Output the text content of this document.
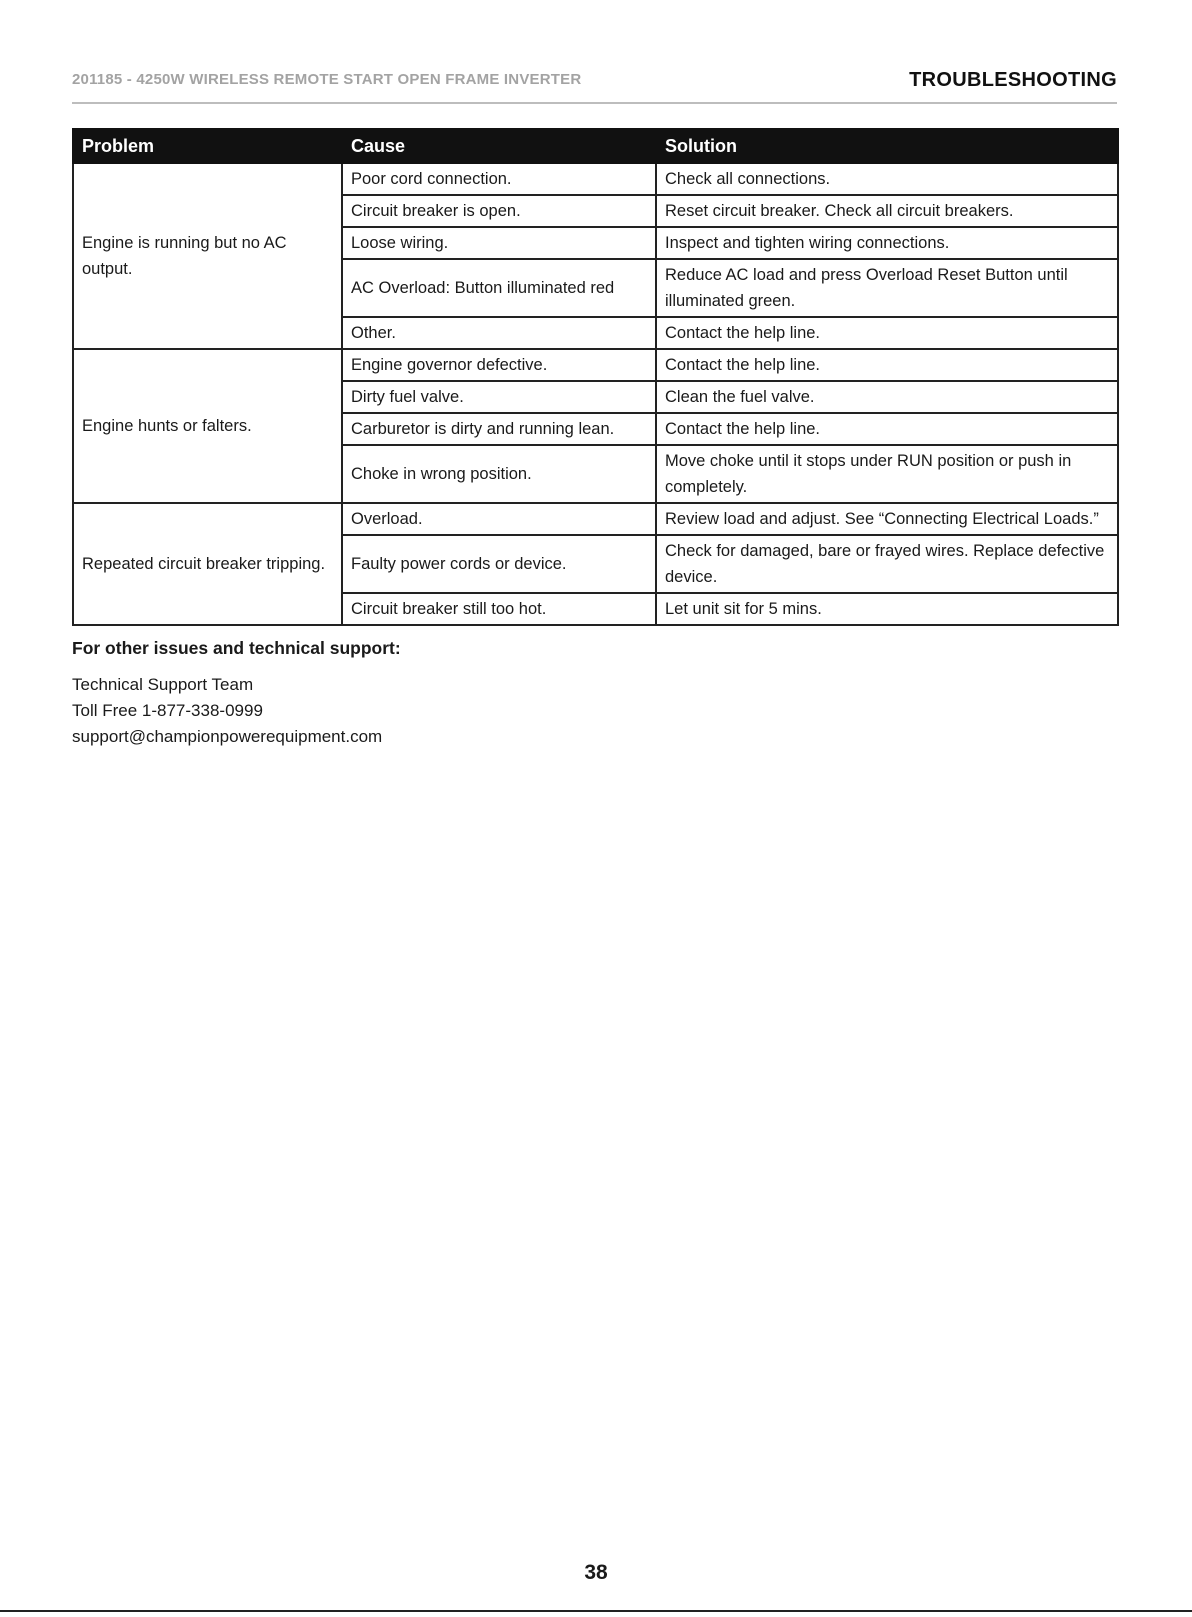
201185 - 4250W WIRELESS REMOTE START OPEN FRAME INVERTER	TROUBLESHOOTING
Problem	Cause	Solution
Engine is running but no AC output.	Poor cord connection.	Check all connections.
	Circuit breaker is open.	Reset circuit breaker. Check all circuit breakers.
	Loose wiring.	Inspect and tighten wiring connections.
	AC Overload: Button illuminated red	Reduce AC load and press Overload Reset Button until illuminated green.
	Other.	Contact the help line.
Engine hunts or falters.	Engine governor defective.	Contact the help line.
	Dirty fuel valve.	Clean the fuel valve.
	Carburetor is dirty and running lean.	Contact the help line.
	Choke in wrong position.	Move choke until it stops under RUN position or push in completely.
Repeated circuit breaker tripping.	Overload.	Review load and adjust. See “Connecting Electrical Loads.”
	Faulty power cords or device.	Check for damaged, bare or frayed wires. Replace defective device.
	Circuit breaker still too hot.	Let unit sit for 5 mins.
For other issues and technical support:
Technical Support Team
Toll Free 1-877-338-0999
support@championpowerequipment.com
38
